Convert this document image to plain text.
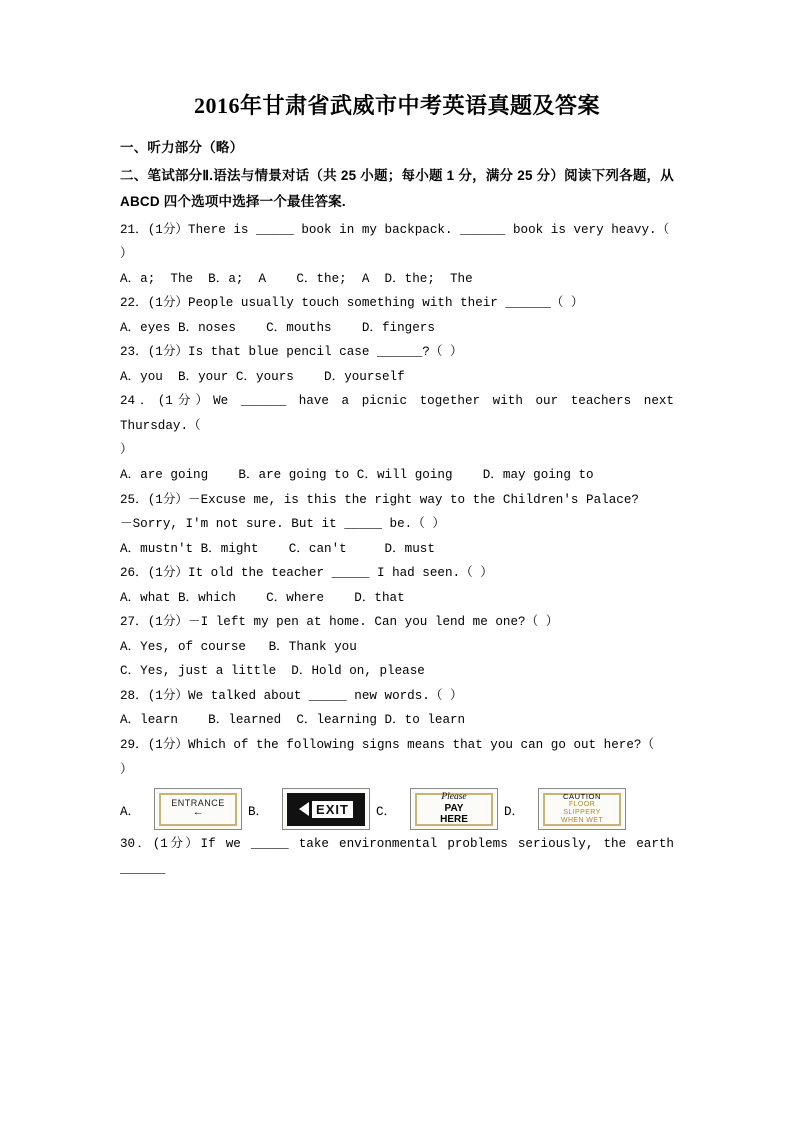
2016年甘肃省武威市中考英语真题及答案
一、听力部分（略）
二、笔试部分Ⅱ.语法与情景对话（共 25 小题；每小题 1 分，满分 25 分）阅读下列各题，从 ABCD 四个选项中选择一个最佳答案.
21．(1分）There is _____ book in my backpack. ______ book is very heavy.（
）
A．a;  The  B．a;  A    C．the;  A  D．the;  The
22．(1分）People usually touch something with their ______（ ）
A．eyes B．noses    C．mouths    D．fingers
23．(1分）Is that blue pencil case ______?（ ）
A．you  B．your C．yours    D．yourself
24．(1分）We ______ have a picnic together with our teachers next Thursday.（
）
A．are going    B．are going to C．will going    D．may going to
25．(1分）－Excuse me, is this the right way to the Children's Palace?
－Sorry, I'm not sure. But it _____ be.（ ）
A．mustn't B．might    C．can't     D．must
26．(1分）It old the teacher _____ I had seen.（ ）
A．what B．which    C．where    D．that
27．(1分）－I left my pen at home. Can you lend me one?（ ）
A．Yes, of course   B．Thank you
C．Yes, just a little  D．Hold on, please
28．(1分）We talked about _____ new words.（ ）
A．learn    B．learned  C．learning D．to learn
29．(1分）Which of the following signs means that you can go out here?（
）
A．
ENTRANCE
←	B．	EXIT	C．
Please
PAY
HERE
D．
CAUTION
FLOOR
SLIPPERY
WHEN WET
30．(1分）If we _____ take environmental problems seriously, the earth ______
